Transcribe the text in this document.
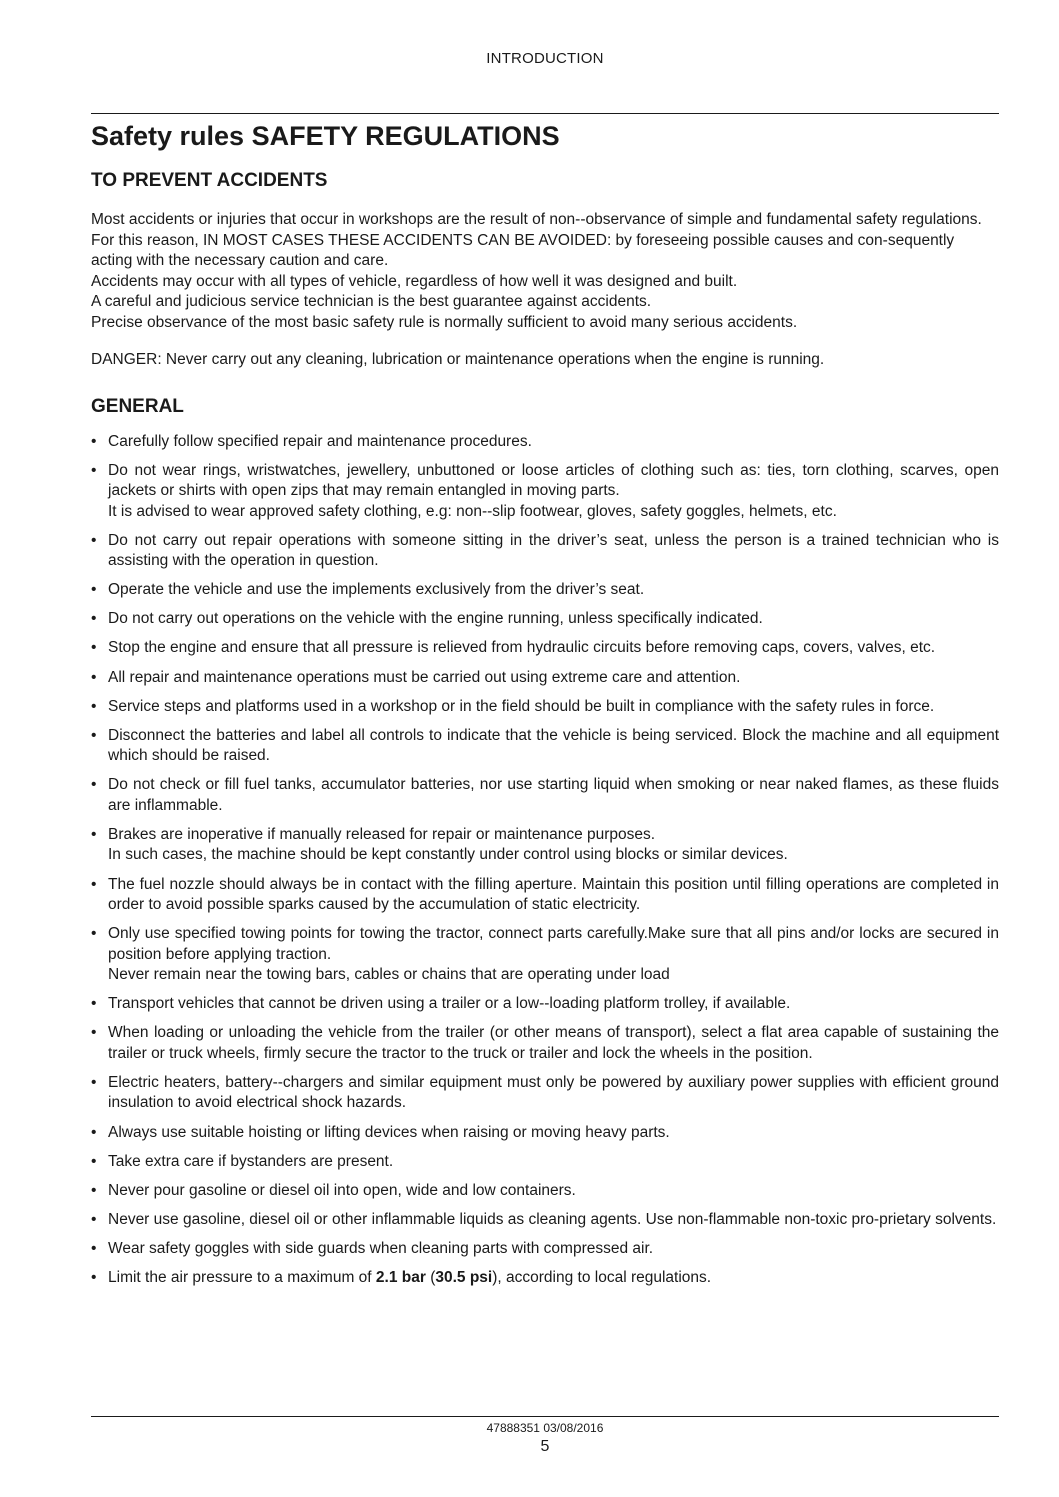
INTRODUCTION
Safety rules SAFETY REGULATIONS
TO PREVENT ACCIDENTS

Most accidents or injuries that occur in workshops are the result of non--observance of simple and fundamental safety regulations.

For this reason, IN MOST CASES THESE ACCIDENTS CAN BE AVOIDED: by foreseeing possible causes and con-sequently acting with the necessary caution and care.

Accidents may occur with all types of vehicle, regardless of how well it was designed and built.

A careful and judicious service technician is the best guarantee against accidents.

Precise observance of the most basic safety rule is normally sufficient to avoid many serious accidents.

DANGER: Never carry out any cleaning, lubrication or maintenance operations when the engine is running.
GENERAL
• Carefully follow specified repair and maintenance procedures.
• Do not wear rings, wristwatches, jewellery, unbuttoned or loose articles of clothing such as: ties, torn clothing, scarves, open jackets or shirts with open zips that may remain entangled in moving parts.
It is advised to wear approved safety clothing, e.g: non--slip footwear, gloves, safety goggles, helmets, etc.
• Do not carry out repair operations with someone sitting in the driver’s seat, unless the person is a trained technician who is assisting with the operation in question.
• Operate the vehicle and use the implements exclusively from the driver’s seat.
• Do not carry out operations on the vehicle with the engine running, unless specifically indicated.
• Stop the engine and ensure that all pressure is relieved from hydraulic circuits before removing caps, covers, valves, etc.
• All repair and maintenance operations must be carried out using extreme care and attention.
• Service steps and platforms used in a workshop or in the field should be built in compliance with the safety rules in force.
• Disconnect the batteries and label all controls to indicate that the vehicle is being serviced. Block the machine and all equipment which should be raised.
• Do not check or fill fuel tanks, accumulator batteries, nor use starting liquid when smoking or near naked flames, as these fluids are inflammable.
• Brakes are inoperative if manually released for repair or maintenance purposes.
In such cases, the machine should be kept constantly under control using blocks or similar devices.
• The fuel nozzle should always be in contact with the filling aperture. Maintain this position until filling operations are completed in order to avoid possible sparks caused by the accumulation of static electricity.
• Only use specified towing points for towing the tractor, connect parts carefully.Make sure that all pins and/or locks are secured in position before applying traction.
Never remain near the towing bars, cables or chains that are operating under load
• Transport vehicles that cannot be driven using a trailer or a low--loading platform trolley, if available.
• When loading or unloading the vehicle from the trailer (or other means of transport), select a flat area capable of sustaining the trailer or truck wheels, firmly secure the tractor to the truck or trailer and lock the wheels in the position.
• Electric heaters, battery--chargers and similar equipment must only be powered by auxiliary power supplies with efficient ground insulation to avoid electrical shock hazards.
• Always use suitable hoisting or lifting devices when raising or moving heavy parts.
• Take extra care if bystanders are present.
• Never pour gasoline or diesel oil into open, wide and low containers.
• Never use gasoline, diesel oil or other inflammable liquids as cleaning agents. Use non-flammable non-toxic pro-prietary solvents.
• Wear safety goggles with side guards when cleaning parts with compressed air.
• Limit the air pressure to a maximum of 2.1 bar (30.5 psi), according to local regulations.
47888351 03/08/2016
5
